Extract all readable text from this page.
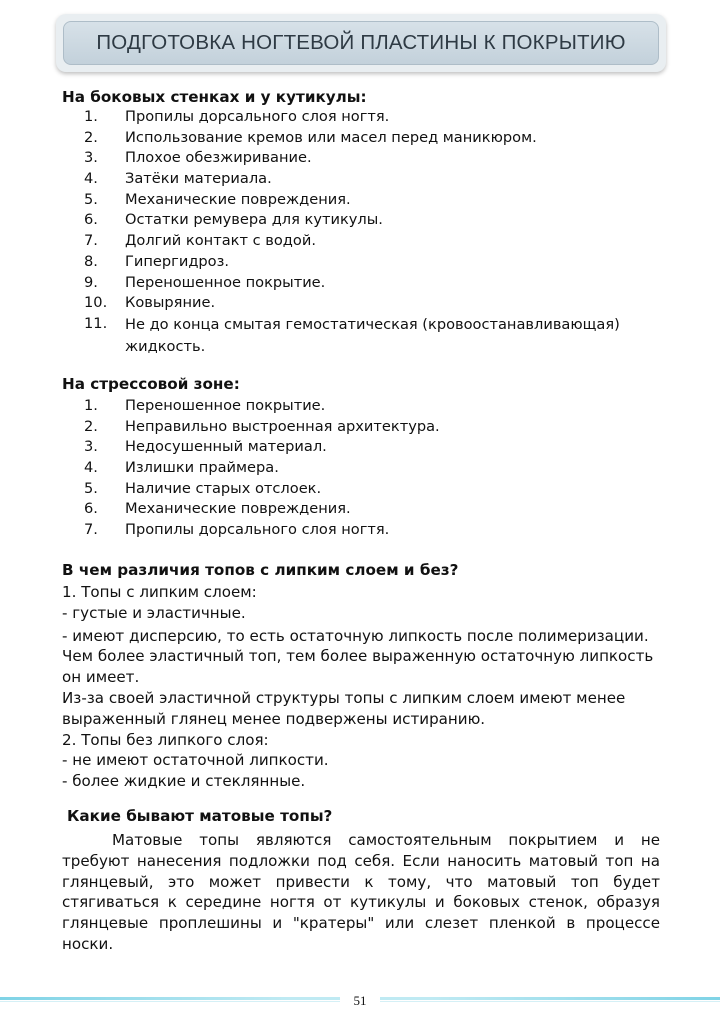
ПОДГОТОВКА НОГТЕВОЙ ПЛАСТИНЫ К ПОКРЫТИЮ
На боковых стенках и у кутикулы:
1.	Пропилы дорсального слоя ногтя.
2.	Использование кремов или масел перед маникюром.
3.	Плохое обезжиривание.
4.	Затёки материала.
5.	Механические повреждения.
6.	Остатки ремувера для кутикулы.
7.	Долгий контакт с водой.
8.	Гипергидроз.
9.	Переношенное покрытие.
10.	Ковыряние.
11.	Не до конца смытая гемостатическая (кровоостанавливающая) жидкость.
На стрессовой зоне:
1.	Переношенное покрытие.
2.	Неправильно выстроенная архитектура.
3.	Недосушенный материал.
4.	Излишки праймера.
5.	Наличие старых отслоек.
6.	Механические повреждения.
7.	Пропилы дорсального слоя ногтя.
В чем различия топов с липким слоем и без?

1. Топы с липким слоем:

- густые и эластичные.

- имеют дисперсию, то есть остаточную липкость после полимеризации. Чем более эластичный топ, тем более выраженную остаточную липкость он имеет.

Из-за своей эластичной структуры топы с липким слоем имеют менее выраженный глянец менее подвержены истиранию.

2. Топы без липкого слоя:

- не имеют остаточной липкости.

- более жидкие и стеклянные.

Какие бывают матовые топы?
Матовые топы являются самостоятельным покрытием и не требуют нанесения подложки под себя. Если наносить матовый топ на глянцевый, это может привести к тому, что матовый топ будет стягиваться к середине ногтя от кутикулы и боковых стенок, образуя глянцевые проплешины и "кратеры" или слезет пленкой в процессе носки.
51
